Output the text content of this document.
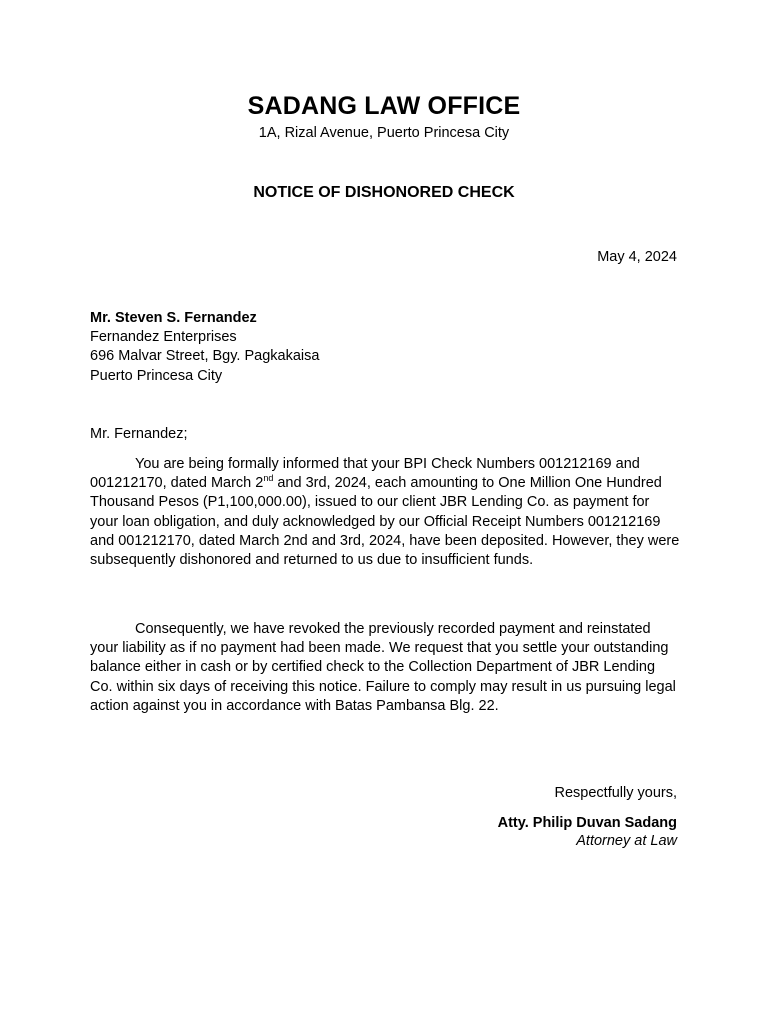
SADANG LAW OFFICE
1A, Rizal Avenue, Puerto Princesa City
NOTICE OF DISHONORED CHECK
May 4, 2024
Mr. Steven S. Fernandez
Fernandez Enterprises
696 Malvar Street, Bgy. Pagkakaisa
Puerto Princesa City
Mr. Fernandez;
You are being formally informed that your BPI Check Numbers 001212169 and 001212170, dated March 2nd and 3rd, 2024, each amounting to One Million One Hundred Thousand Pesos (P1,100,000.00), issued to our client JBR Lending Co. as payment for your loan obligation, and duly acknowledged by our Official Receipt Numbers 001212169 and 001212170, dated March 2nd and 3rd, 2024, have been deposited. However, they were subsequently dishonored and returned to us due to insufficient funds.
Consequently, we have revoked the previously recorded payment and reinstated your liability as if no payment had been made. We request that you settle your outstanding balance either in cash or by certified check to the Collection Department of JBR Lending Co. within six days of receiving this notice. Failure to comply may result in us pursuing legal action against you in accordance with Batas Pambansa Blg. 22.
Respectfully yours,
Atty. Philip Duvan Sadang
Attorney at Law
